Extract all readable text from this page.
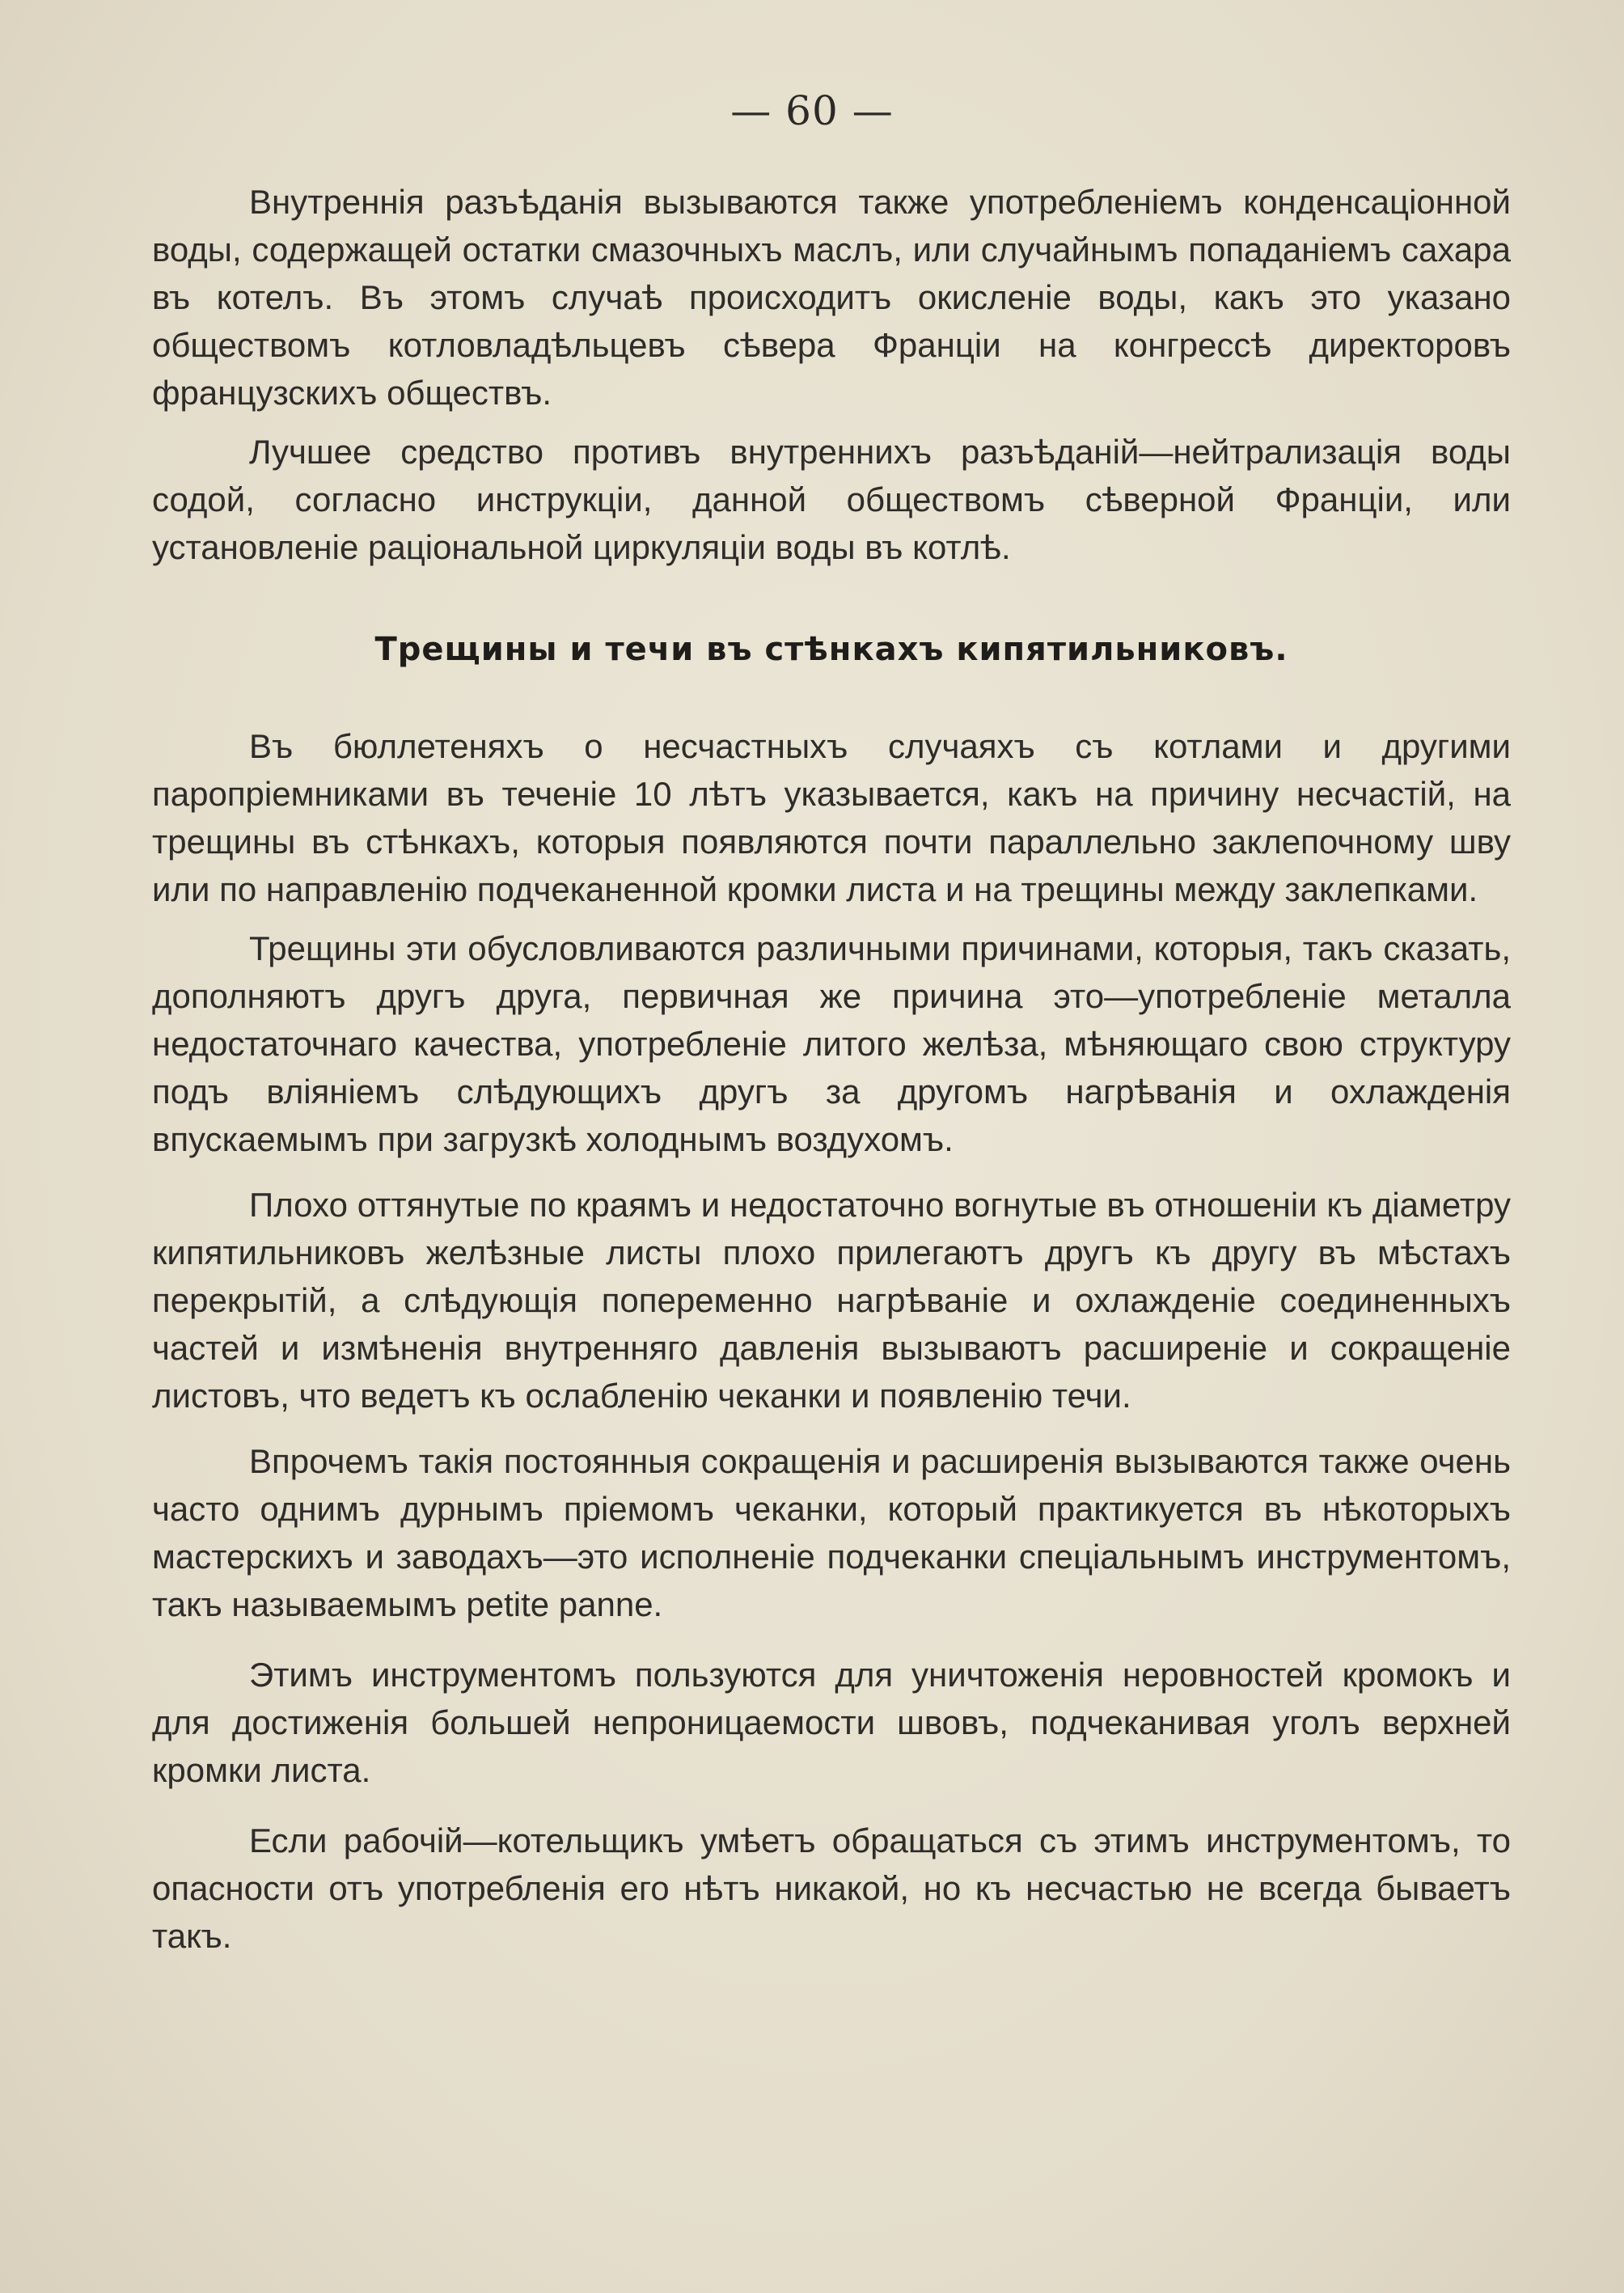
— 60 —

Внутреннія разъѣданія вызываются также употребленіемъ конденсаціонной воды, содержащей остатки смазочныхъ маслъ, или случайнымъ попаданіемъ сахара въ котелъ. Въ этомъ случаѣ происходитъ окисленіе воды, какъ это указано обществомъ котловладѣльцевъ сѣвера Франціи на конгрессѣ директоровъ французскихъ обществъ.

Лучшее средство противъ внутреннихъ разъѣданій—нейтрализація воды содой, согласно инструкціи, данной обществомъ сѣверной Франціи, или установленіе раціональной циркуляціи воды въ котлѣ.

Трещины и течи въ стѣнкахъ кипятильниковъ.

Въ бюллетеняхъ о несчастныхъ случаяхъ съ котлами и другими паропріемниками въ теченіе 10 лѣтъ указывается, какъ на причину несчастій, на трещины въ стѣнкахъ, которыя появляются почти параллельно заклепочному шву или по направленію подчеканенной кромки листа и на трещины между заклепками.

Трещины эти обусловливаются различными причинами, которыя, такъ сказать, дополняютъ другъ друга, первичная же причина это—употребленіе металла недостаточнаго качества, употребленіе литого желѣза, мѣняющаго свою структуру подъ вліяніемъ слѣдующихъ другъ за другомъ нагрѣванія и охлажденія впускаемымъ при загрузкѣ холоднымъ воздухомъ.

Плохо оттянутые по краямъ и недостаточно вогнутые въ отношеніи къ діаметру кипятильниковъ желѣзные листы плохо прилегаютъ другъ къ другу въ мѣстахъ перекрытій, а слѣдующія попеременно нагрѣваніе и охлажденіе соединенныхъ частей и измѣненія внутренняго давленія вызываютъ расширеніе и сокращеніе листовъ, что ведетъ къ ослабленію чеканки и появленію течи.

Впрочемъ такія постоянныя сокращенія и расширенія вызываются также очень часто однимъ дурнымъ пріемомъ чеканки, который практикуется въ нѣкоторыхъ мастерскихъ и заводахъ—это исполненіе подчеканки спеціальнымъ инструментомъ, такъ называемымъ petite panne.

Этимъ инструментомъ пользуются для уничтоженія неровностей кромокъ и для достиженія большей непроницаемости швовъ, подчеканивая уголъ верхней кромки листа.

Если рабочій—котельщикъ умѣетъ обращаться съ этимъ инструментомъ, то опасности отъ употребленія его нѣтъ никакой, но къ несчастью не всегда бываетъ такъ.
